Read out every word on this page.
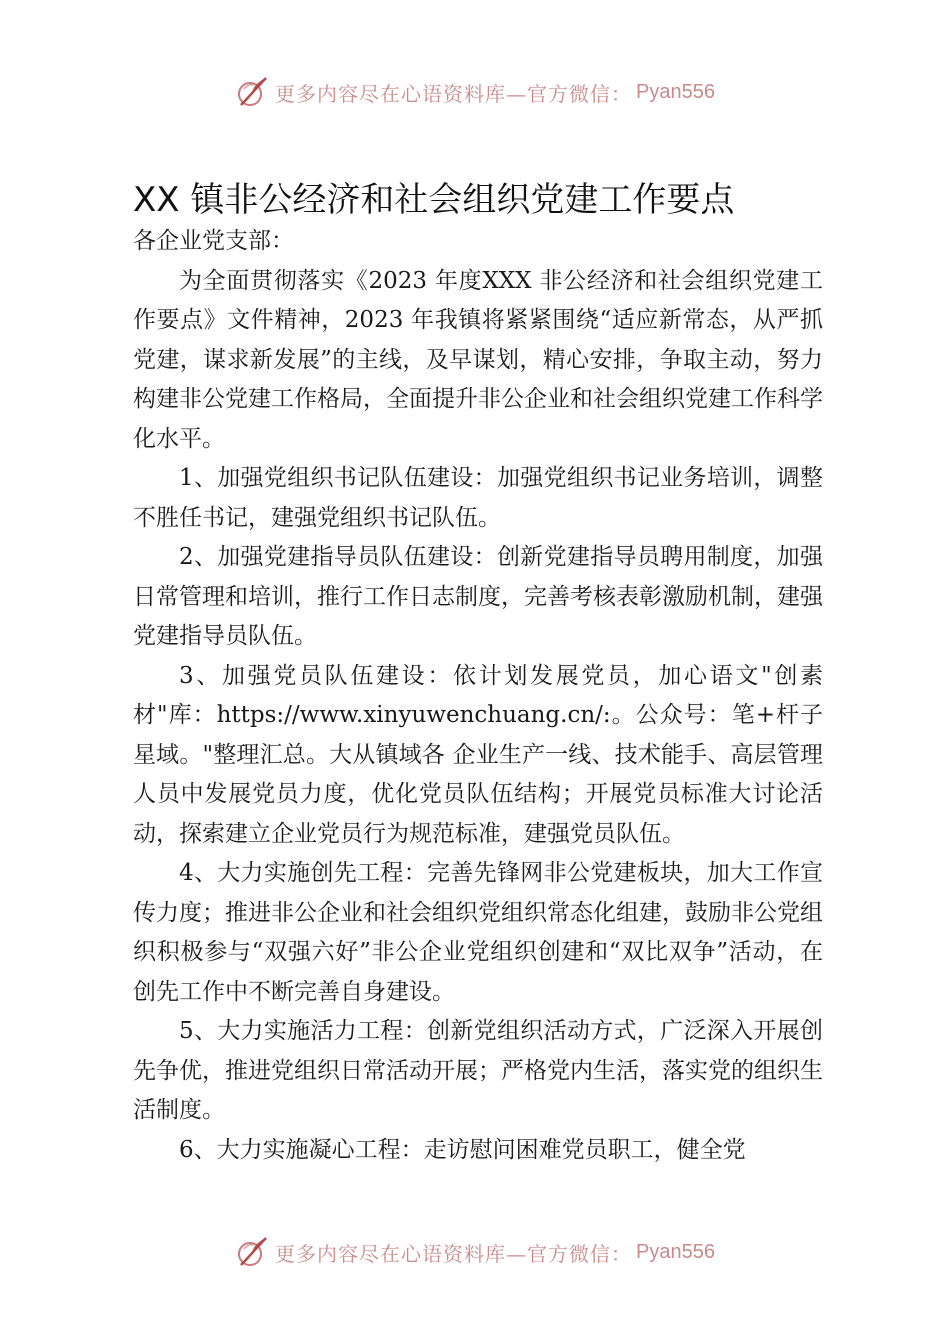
更多内容尽在心语资料库—官方微信： Pyan556
XX 镇非公经济和社会组织党建工作要点

各企业党支部：

为全面贯彻落实《2023 年度XXX 非公经济和社会组织党建工作要点》文件精神，2023 年我镇将紧紧围绕“适应新常态，从严抓党建，谋求新发展”的主线，及早谋划，精心安排，争取主动，努力构建非公党建工作格局，全面提升非公企业和社会组织党建工作科学化水平。

1、加强党组织书记队伍建设：加强党组织书记业务培训，调整不胜任书记，建强党组织书记队伍。

2、加强党建指导员队伍建设：创新党建指导员聘用制度，加强日常管理和培训，推行工作日志制度，完善考核表彰激励机制，建强党建指导员队伍。

3、加强党员队伍建设：依计划发展党员，加心语文"创素材"库：https://www.xinyuwenchuang.cn/:。公众号：笔+杆子星域。"整理汇总。大从镇域各 企业生产一线、技术能手、高层管理人员中发展党员力度，优化党员队伍结构；开展党员标准大讨论活动，探索建立企业党员行为规范标准，建强党员队伍。

4、大力实施创先工程：完善先锋网非公党建板块，加大工作宣传力度；推进非公企业和社会组织党组织常态化组建，鼓励非公党组织积极参与“双强六好”非公企业党组织创建和“双比双争”活动，在创先工作中不断完善自身建设。

5、大力实施活力工程：创新党组织活动方式，广泛深入开展创先争优，推进党组织日常活动开展；严格党内生活，落实党的组织生活制度。

6、大力实施凝心工程：走访慰问困难党员职工，健全党

更多内容尽在心语资料库—官方微信： Pyan556
